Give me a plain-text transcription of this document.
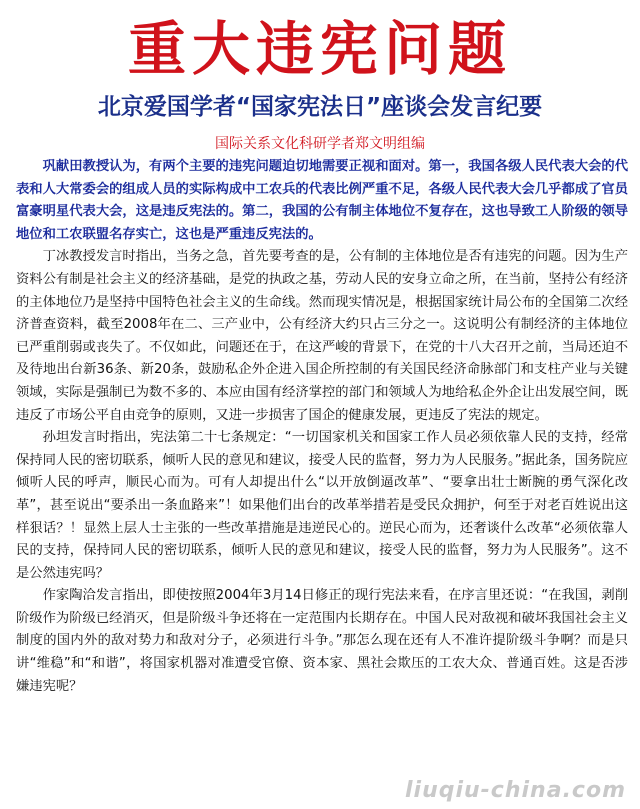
重大违宪问题
北京爱国学者“国家宪法日”座谈会发言纪要
国际关系文化科研学者郑文明组编

巩献田教授认为，有两个主要的违宪问题迫切地需要正视和面对。第一，我国各级人民代表大会的代表和人大常委会的组成人员的实际构成中工农兵的代表比例严重不足，各级人民代表大会几乎都成了官员富豪明星代表大会，这是违反宪法的。第二，我国的公有制主体地位不复存在，这也导致工人阶级的领导地位和工农联盟名存实亡，这也是严重违反宪法的。

丁冰教授发言时指出，当务之急，首先要考查的是，公有制的主体地位是否有违宪的问题。因为生产资料公有制是社会主义的经济基础，是党的执政之基，劳动人民的安身立命之所，在当前，坚持公有经济的主体地位乃是坚持中国特色社会主义的生命线。然而现实情况是，根据国家统计局公布的全国第二次经济普查资料，截至2008年在二、三产业中，公有经济大约只占三分之一。这说明公有制经济的主体地位已严重削弱或丧失了。不仅如此，问题还在于，在这严峻的背景下，在党的十八大召开之前，当局还迫不及待地出台新36条、新20条，鼓励私企外企进入国企所控制的有关国民经济命脉部门和支柱产业与关键领域，实际是强制已为数不多的、本应由国有经济掌控的部门和领域人为地给私企外企让出发展空间，既违反了市场公平自由竞争的原则，又进一步损害了国企的健康发展，更违反了宪法的规定。

孙坦发言时指出，宪法第二十七条规定：“一切国家机关和国家工作人员必须依靠人民的支持，经常保持同人民的密切联系，倾听人民的意见和建议，接受人民的监督，努力为人民服务。”据此条，国务院应倾听人民的呼声，顺民心而为。可有人却提出什么“以开放倒逼改革”、“要拿出壮士断腕的勇气深化改革”，甚至说出“要杀出一条血路来”！如果他们出台的改革举措若是受民众拥护，何至于对老百姓说出这样狠话？！显然上层人士主张的一些改革措施是违逆民心的。逆民心而为，还奢谈什么改革“必须依靠人民的支持，保持同人民的密切联系，倾听人民的意见和建议，接受人民的监督，努力为人民服务”。这不是公然违宪吗？

作家陶洽发言指出，即使按照2004年3月14日修正的现行宪法来看，在序言里还说：“在我国，剥削阶级作为阶级已经消灭，但是阶级斗争还将在一定范围内长期存在。中国人民对敌视和破坏我国社会主义制度的国内外的敌对势力和敌对分子，必须进行斗争。”那怎么现在还有人不准许提阶级斗争啊？而是只讲“维稳”和“和谐”，将国家机器对准遭受官僚、资本家、黑社会欺压的工农大众、普通百姓。这是否涉嫌违宪呢？

liuqiu-china.com
